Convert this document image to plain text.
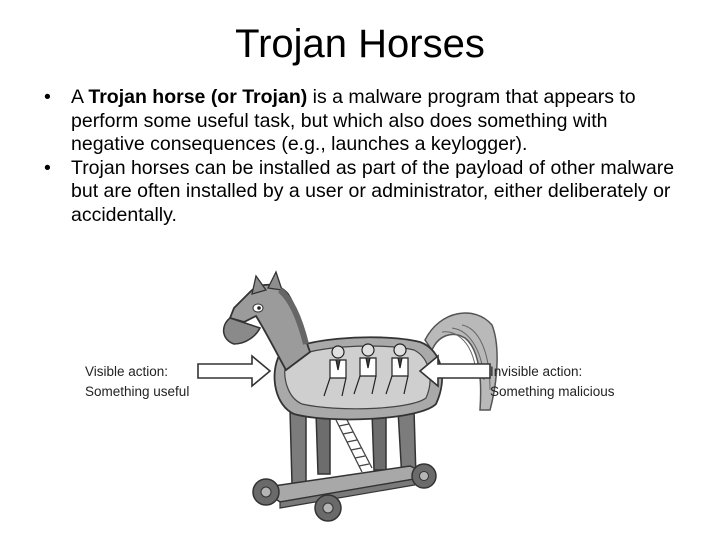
Trojan Horses
• A Trojan horse (or Trojan) is a malware program that appears to perform some useful task, but which also does something with negative consequences (e.g., launches a keylogger).
• Trojan horses can be installed as part of the payload of other malware but are often installed by a user or administrator, either deliberately or accidentally.
Visible action:
Something useful
Invisible action:
Something malicious
